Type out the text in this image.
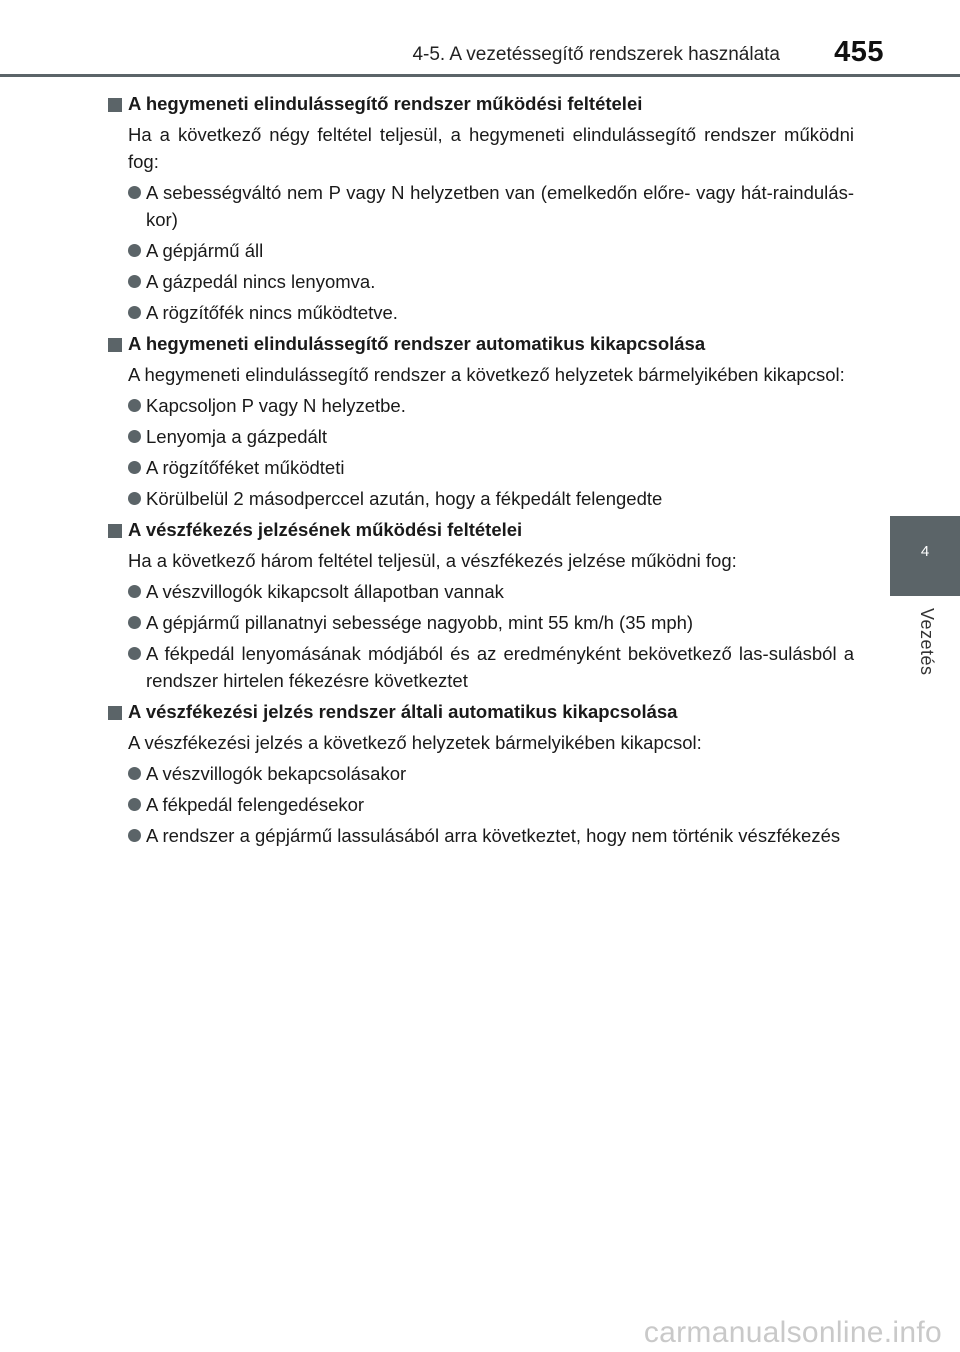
4-5. A vezetéssegítő rendszerek használata 455
4
Vezetés
A hegymeneti elindulássegítő rendszer működési feltételei
Ha a következő négy feltétel teljesül, a hegymeneti elindulássegítő rendszer működni fog:
A sebességváltó nem P vagy N helyzetben van (emelkedőn előre- vagy hát-rainduláskor)
A gépjármű áll
A gázpedál nincs lenyomva.
A rögzítőfék nincs működtetve.
A hegymeneti elindulássegítő rendszer automatikus kikapcsolása
A hegymeneti elindulássegítő rendszer a következő helyzetek bármelyikében kikapcsol:
Kapcsoljon P vagy N helyzetbe.
Lenyomja a gázpedált
A rögzítőféket működteti
Körülbelül 2 másodperccel azután, hogy a fékpedált felengedte
A vészfékezés jelzésének működési feltételei
Ha a következő három feltétel teljesül, a vészfékezés jelzése működni fog:
A vészvillogók kikapcsolt állapotban vannak
A gépjármű pillanatnyi sebessége nagyobb, mint 55 km/h (35 mph)
A fékpedál lenyomásának módjából és az eredményként bekövetkező las-sulásból a rendszer hirtelen fékezésre következtet
A vészfékezési jelzés rendszer általi automatikus kikapcsolása
A vészfékezési jelzés a következő helyzetek bármelyikében kikapcsol:
A vészvillogók bekapcsolásakor
A fékpedál felengedésekor
A rendszer a gépjármű lassulásából arra következtet, hogy nem történik vészfékezés
carmanualsonline.info
